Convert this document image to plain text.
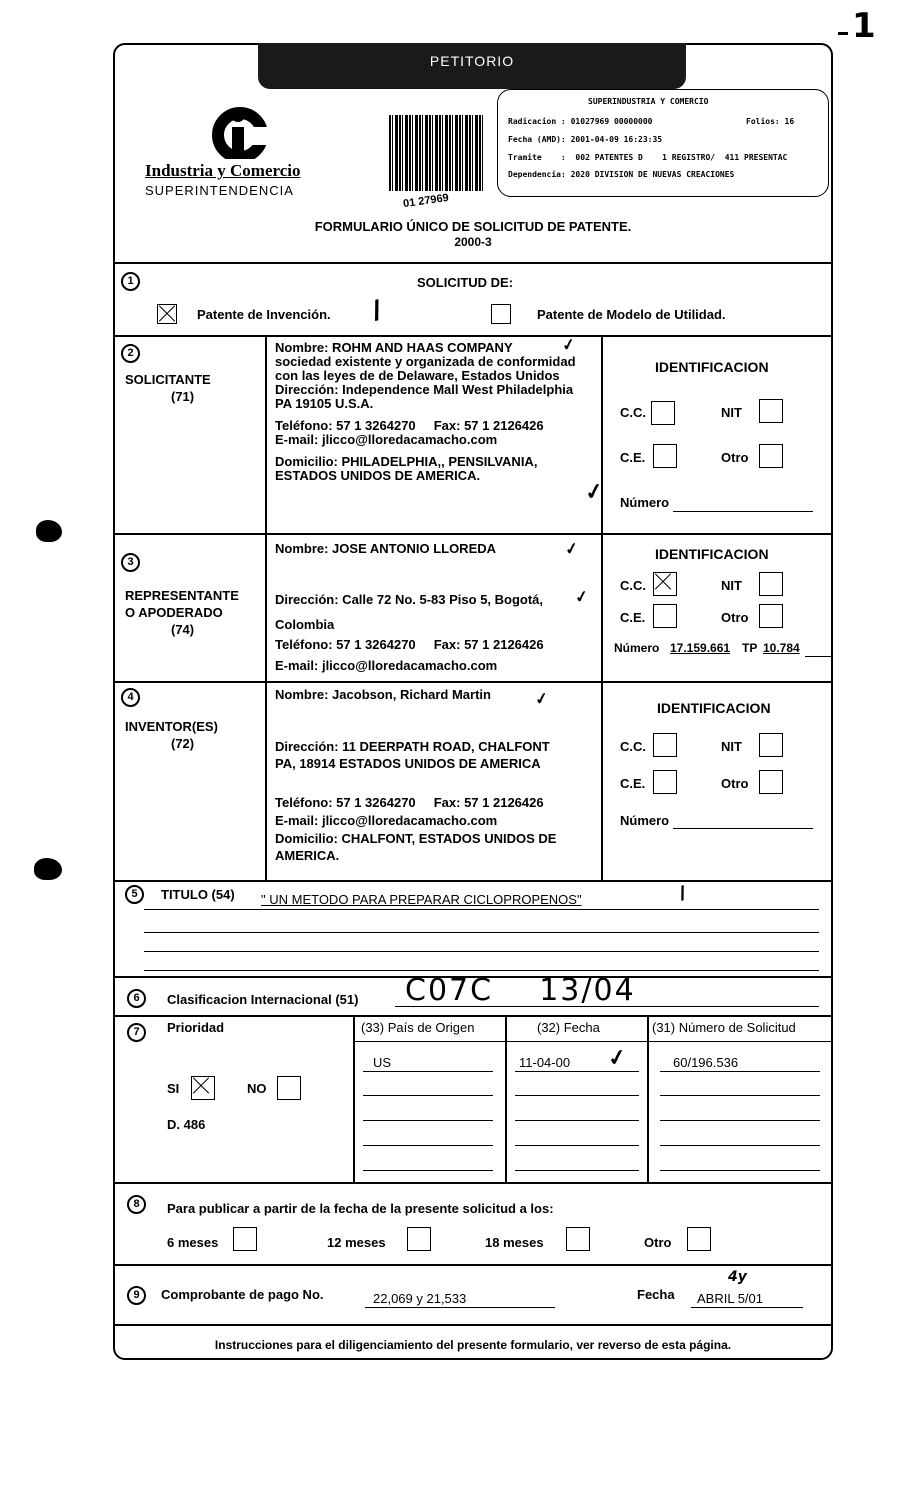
1
PETITORIO
Industria y Comercio
SUPERINTENDENCIA
01 27969
SUPERINDUSTRIA Y COMERCIO
Radicacion : 01027969 00000000	Folios: 16
Fecha (AMD): 2001-04-09 16:23:35
Tramite    :  002 PATENTES D    1 REGISTRO/  411 PRESENTAC
Dependencia: 2020 DIVISION DE NUEVAS CREACIONES
FORMULARIO ÚNICO DE SOLICITUD DE PATENTE.
2000-3
1	SOLICITUD DE:
Patente de Invención. /	Patente de Modelo de Utilidad.
2
SOLICITANTE
(71)
Nombre: ROHM AND HAAS COMPANY
sociedad existente y organizada de conformidad
con las leyes de de Delaware, Estados Unidos
Dirección: Independence Mall West Philadelphia
PA 19105 U.S.A.
Teléfono: 57 1 3264270     Fax: 57 1 2126426
E-mail: jlicco@lloredacamacho.com
Domicilio: PHILADELPHIA,, PENSILVANIA,
ESTADOS UNIDOS DE AMERICA.
✓
✓
IDENTIFICACION
C.C.	NIT
C.E.	Otro
Número
3
REPRESENTANTE
O APODERADO
(74)
Nombre: JOSE ANTONIO LLOREDA
Dirección: Calle 72 No. 5-83 Piso 5, Bogotá,
Colombia
Teléfono: 57 1 3264270     Fax: 57 1 2126426
E-mail: jlicco@lloredacamacho.com
✓
✓
IDENTIFICACION
C.C.	NIT
C.E.	Otro
Número 17.159.661 TP 10.784
4
INVENTOR(ES)
(72)
Nombre: Jacobson, Richard Martin
Dirección: 11 DEERPATH ROAD, CHALFONT
PA, 18914 ESTADOS UNIDOS DE AMERICA
Teléfono: 57 1 3264270     Fax: 57 1 2126426
E-mail: jlicco@lloredacamacho.com
Domicilio: CHALFONT, ESTADOS UNIDOS DE
AMERICA.
✓	IDENTIFICACION
C.C.	NIT
C.E.	Otro
Número
5	TITULO (54) " UN METODO PARA PREPARAR CICLOPROPENOS"	/
6	Clasificacion Internacional (51) C07C    13/04
7	Prioridad	(33) País de Origen	(32) Fecha	(31) Número de Solicitud
SI	NO
D. 486
US	11-04-00 ✓	60/196.536
8	Para publicar a partir de la fecha de la presente solicitud a los:
6 meses	12 meses	18 meses	Otro
9	Comprobante de pago No.	22,069 y 21,533	Fecha
4y
ABRIL 5/01
Instrucciones para el diligenciamiento del presente formulario, ver reverso de esta página.
